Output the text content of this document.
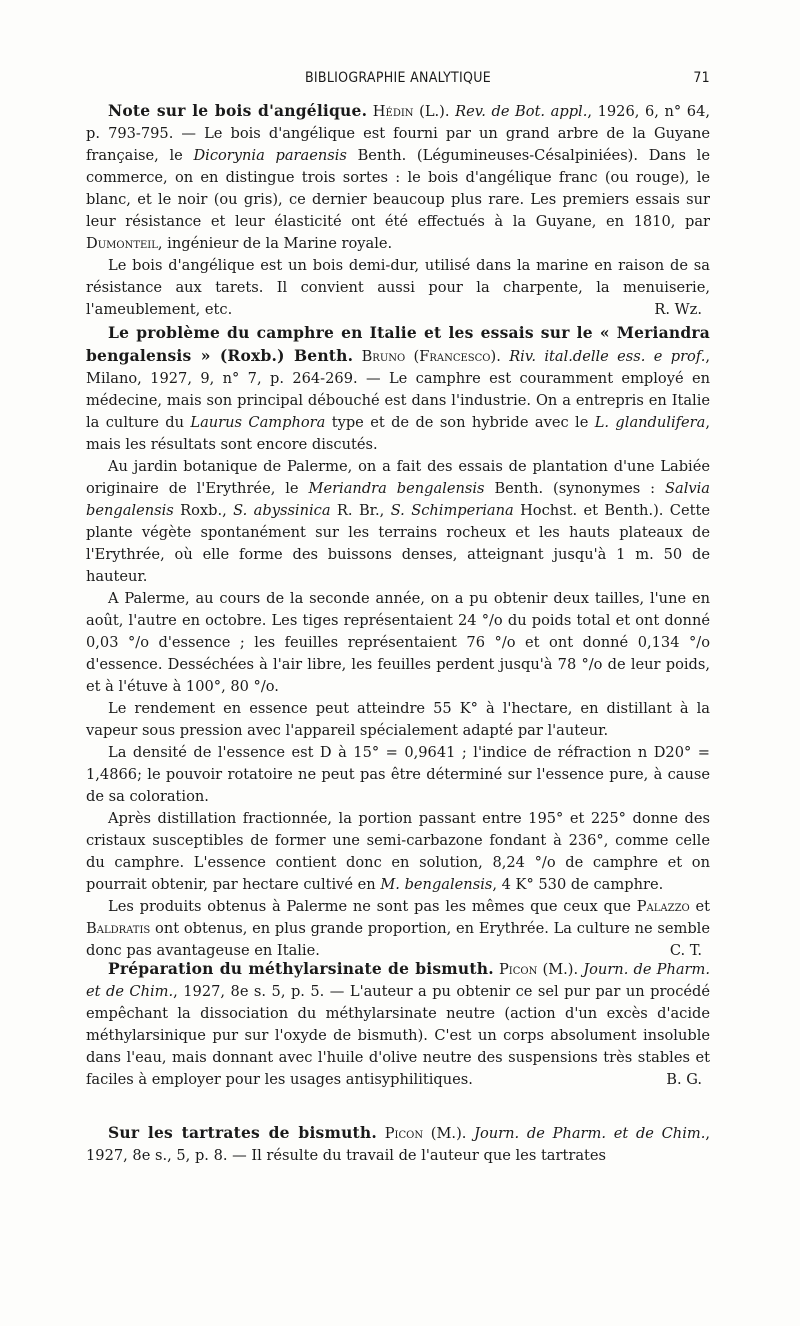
BIBLIOGRAPHIE ANALYTIQUE	71

Note sur le bois d'angélique. Hédin (L.). Rev. de Bot. appl., 1926, 6, n° 64, p. 793-795. — Le bois d'angélique est fourni par un grand arbre de la Guyane française, le Dicorynia paraensis Benth. (Légumineuses-Césalpiniées). Dans le commerce, on en distingue trois sortes : le bois d'angélique franc (ou rouge), le blanc, et le noir (ou gris), ce dernier beaucoup plus rare. Les premiers essais sur leur résistance et leur élasticité ont été effectués à la Guyane, en 1810, par Dumonteil, ingénieur de la Marine royale.

Le bois d'angélique est un bois demi-dur, utilisé dans la marine en raison de sa résistance aux tarets. Il convient aussi pour la charpente, la menuiserie, l'ameublement, etc.	R. Wz.

Le problème du camphre en Italie et les essais sur le « Meriandra bengalensis » (Roxb.) Benth. Bruno (Francesco). Riv. ital.delle ess. e prof., Milano, 1927, 9, n° 7, p. 264-269. — Le camphre est couramment employé en médecine, mais son principal débouché est dans l'industrie. On a entrepris en Italie la culture du Laurus Camphora type et de de son hybride avec le L. glandulifera, mais les résultats sont encore discutés.

Au jardin botanique de Palerme, on a fait des essais de plantation d'une Labiée originaire de l'Erythrée, le Meriandra bengalensis Benth. (synonymes : Salvia bengalensis Roxb., S. abyssinica R. Br., S. Schimperiana Hochst. et Benth.). Cette plante végète spontanément sur les terrains rocheux et les hauts plateaux de l'Erythrée, où elle forme des buissons denses, atteignant jusqu'à 1 m. 50 de hauteur.

A Palerme, au cours de la seconde année, on a pu obtenir deux tailles, l'une en août, l'autre en octobre. Les tiges représentaient 24 °/o du poids total et ont donné 0,03 °/o d'essence ; les feuilles représentaient 76 °/o et ont donné 0,134 °/o d'essence. Desséchées à l'air libre, les feuilles perdent jusqu'à 78 °/o de leur poids, et à l'étuve à 100°, 80 °/o.

Le rendement en essence peut atteindre 55 K° à l'hectare, en distillant à la vapeur sous pression avec l'appareil spécialement adapté par l'auteur.

La densité de l'essence est D à 15° = 0,9641 ; l'indice de réfraction n D20° = 1,4866; le pouvoir rotatoire ne peut pas être déterminé sur l'essence pure, à cause de sa coloration.

Après distillation fractionnée, la portion passant entre 195° et 225° donne des cristaux susceptibles de former une semi-carbazone fondant à 236°, comme celle du camphre. L'essence contient donc en solution, 8,24 °/o de camphre et on pourrait obtenir, par hectare cultivé en M. bengalensis, 4 K° 530 de camphre.

Les produits obtenus à Palerme ne sont pas les mêmes que ceux que Palazzo et Baldratis ont obtenus, en plus grande proportion, en Erythrée. La culture ne semble donc pas avantageuse en Italie.	C. T.

Préparation du méthylarsinate de bismuth. Picon (M.). Journ. de Pharm. et de Chim., 1927, 8e s. 5, p. 5. — L'auteur a pu obtenir ce sel pur par un procédé empêchant la dissociation du méthylarsinate neutre (action d'un excès d'acide méthylarsinique pur sur l'oxyde de bismuth). C'est un corps absolument insoluble dans l'eau, mais donnant avec l'huile d'olive neutre des suspensions très stables et faciles à employer pour les usages antisyphilitiques.	B. G.

Sur les tartrates de bismuth. Picon (M.). Journ. de Pharm. et de Chim., 1927, 8e s., 5, p. 8. — Il résulte du travail de l'auteur que les tartrates
